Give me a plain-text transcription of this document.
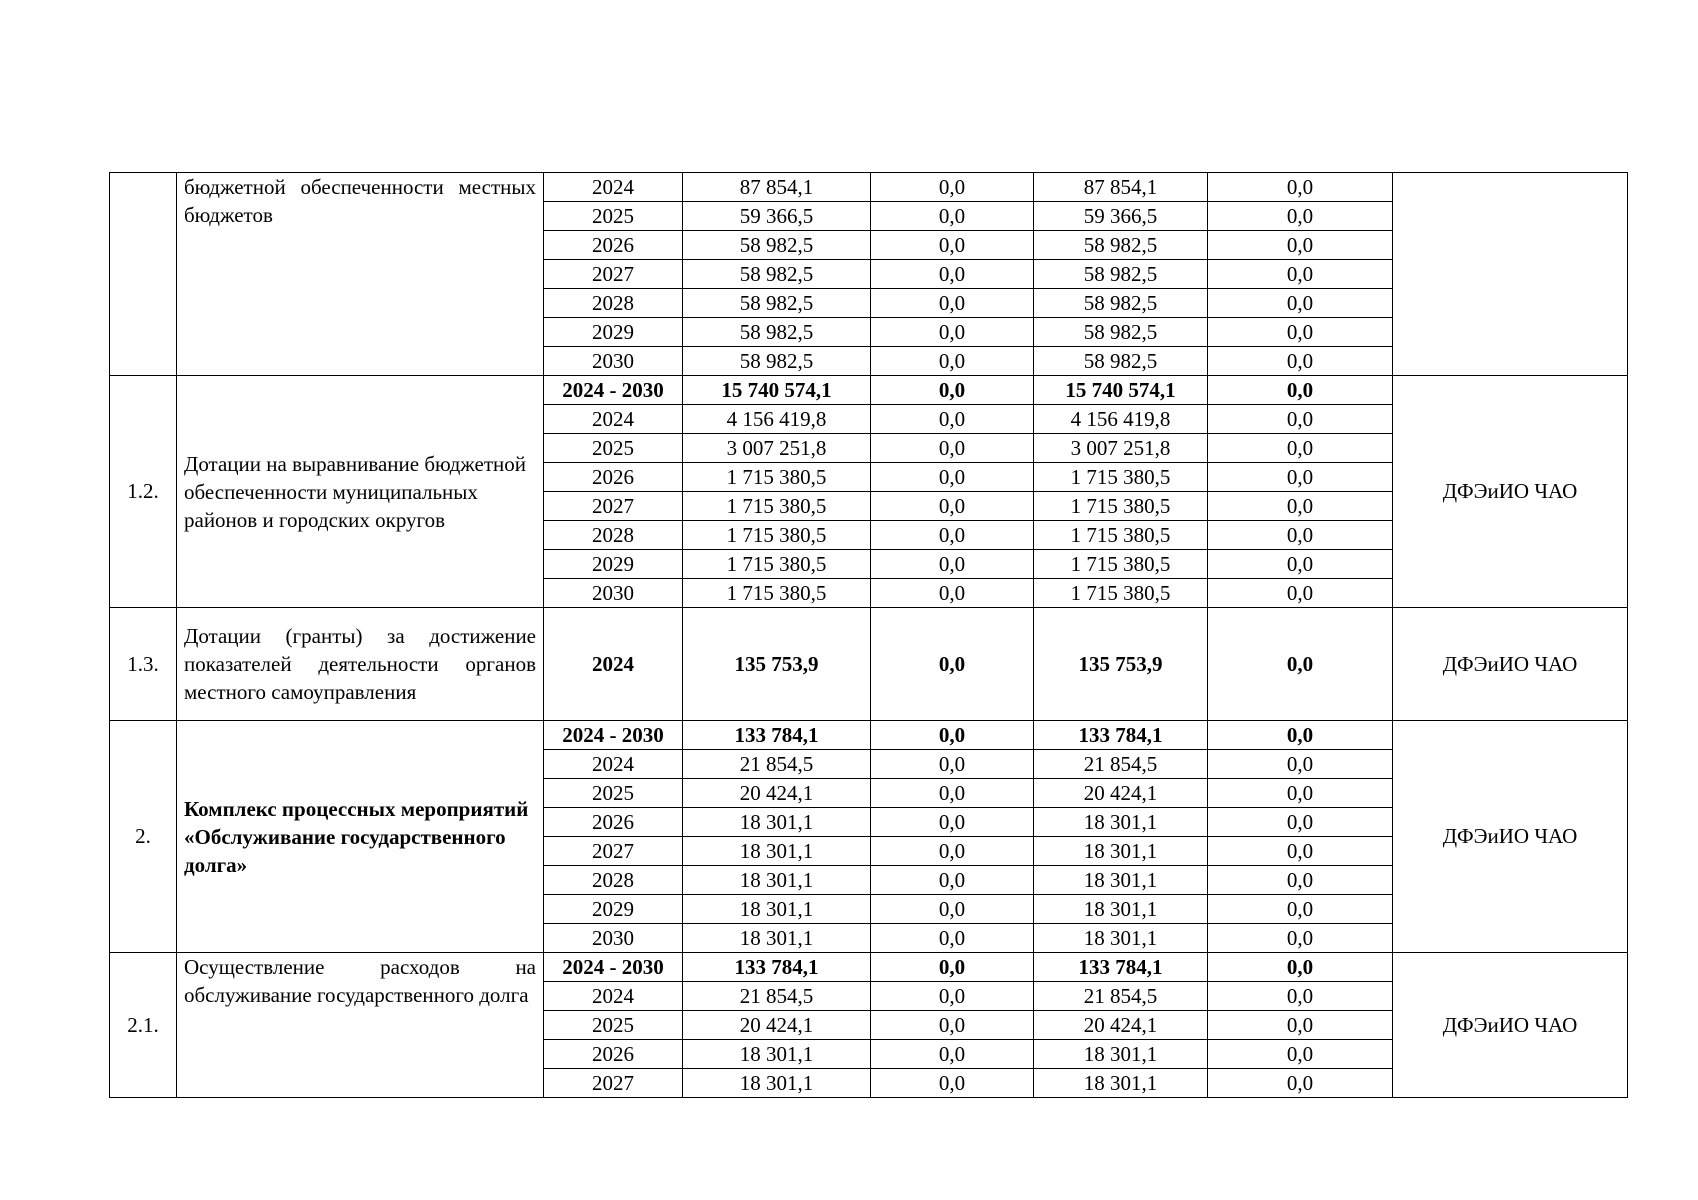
	бюджетной обеспеченности местных бюджетов	2024	87 854,1	0,0	87 854,1	0,0	
		2025	59 366,5	0,0	59 366,5	0,0	
		2026	58 982,5	0,0	58 982,5	0,0	
		2027	58 982,5	0,0	58 982,5	0,0	
		2028	58 982,5	0,0	58 982,5	0,0	
		2029	58 982,5	0,0	58 982,5	0,0	
		2030	58 982,5	0,0	58 982,5	0,0	
1.2.	Дотации на выравнивание бюджетной обеспеченности муниципальных районов и городских округов	2024 - 2030	15 740 574,1	0,0	15 740 574,1	0,0	ДФЭиИО ЧАО
		2024	4 156 419,8	0,0	4 156 419,8	0,0	
		2025	3 007 251,8	0,0	3 007 251,8	0,0	
		2026	1 715 380,5	0,0	1 715 380,5	0,0	
		2027	1 715 380,5	0,0	1 715 380,5	0,0	
		2028	1 715 380,5	0,0	1 715 380,5	0,0	
		2029	1 715 380,5	0,0	1 715 380,5	0,0	
		2030	1 715 380,5	0,0	1 715 380,5	0,0	
1.3.	Дотации (гранты) за достижение показателей деятельности органов местного самоуправления	2024	135 753,9	0,0	135 753,9	0,0	ДФЭиИО ЧАО
2.	Комплекс процессных мероприятий «Обслуживание государственного долга»	2024 - 2030	133 784,1	0,0	133 784,1	0,0	ДФЭиИО ЧАО
		2024	21 854,5	0,0	21 854,5	0,0	
		2025	20 424,1	0,0	20 424,1	0,0	
		2026	18 301,1	0,0	18 301,1	0,0	
		2027	18 301,1	0,0	18 301,1	0,0	
		2028	18 301,1	0,0	18 301,1	0,0	
		2029	18 301,1	0,0	18 301,1	0,0	
		2030	18 301,1	0,0	18 301,1	0,0	
2.1.	Осуществление расходов на обслуживание государственного долга	2024 - 2030	133 784,1	0,0	133 784,1	0,0	ДФЭиИО ЧАО
		2024	21 854,5	0,0	21 854,5	0,0	
		2025	20 424,1	0,0	20 424,1	0,0	
		2026	18 301,1	0,0	18 301,1	0,0	
		2027	18 301,1	0,0	18 301,1	0,0	
